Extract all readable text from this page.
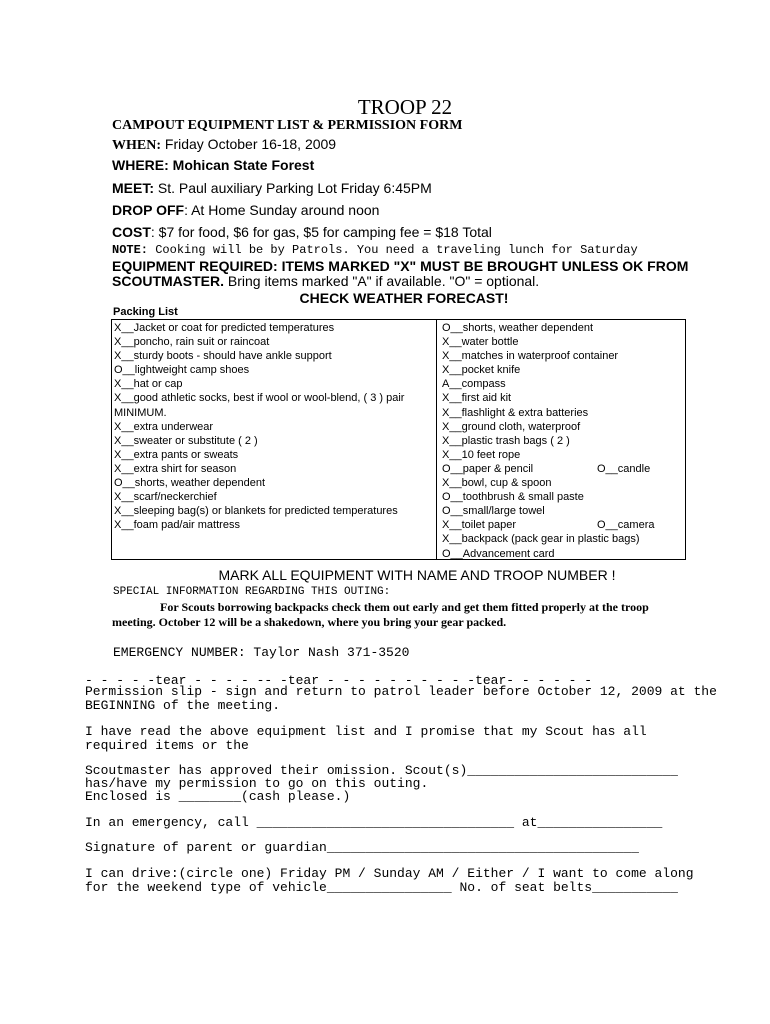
TROOP 22
CAMPOUT EQUIPMENT LIST & PERMISSION FORM
WHEN: Friday October 16-18, 2009
WHERE: Mohican State Forest
MEET: St. Paul auxiliary Parking Lot Friday 6:45PM
DROP OFF: At Home Sunday around noon
COST: $7 for food, $6 for gas, $5 for camping fee = $18 Total
NOTE: Cooking will be by Patrols. You need a traveling lunch for Saturday
EQUIPMENT REQUIRED: ITEMS MARKED "X" MUST BE BROUGHT UNLESS OK FROM
SCOUTMASTER. Bring items marked "A" if available. "O" = optional.
CHECK WEATHER FORECAST!
Packing List
X__Jacket or coat for predicted temperatures
X__poncho, rain suit or raincoat
X__sturdy boots - should have ankle support
O__lightweight camp shoes
X__hat or cap
X__good athletic socks, best if wool or wool-blend, ( 3 ) pair MINIMUM.
X__extra underwear
X__sweater or substitute ( 2 )
X__extra pants or sweats
X__extra shirt for season
O__shorts, weather dependent
X__scarf/neckerchief
X__sleeping bag(s) or blankets for predicted temperatures
X__foam pad/air mattress
O__shorts, weather dependent
X__water bottle
X__matches in waterproof container
X__pocket knife
A__compass
X__first aid kit
X__flashlight & extra batteries
X__ground cloth, waterproof
X__plastic trash bags ( 2 )
X__10 feet rope
O__paper & pencil	O__candle
X__bowl, cup & spoon
O__toothbrush & small paste
O__small/large towel
X__toilet paper	O__camera
X__backpack (pack gear in plastic bags)
O__Advancement card
MARK ALL EQUIPMENT WITH NAME AND TROOP NUMBER !
SPECIAL INFORMATION REGARDING THIS OUTING:
For Scouts borrowing backpacks check them out early and get them fitted properly at the troop meeting. October 12 will be a shakedown, where you bring your gear packed.
EMERGENCY NUMBER: Taylor Nash 371-3520
- - - - -tear - - - - -- -tear - - - - - - - - - -tear- - - - - -
Permission slip - sign and return to patrol leader before October 12, 2009 at the
BEGINNING of the meeting.
I have read the above equipment list and I promise that my Scout has all
required items or the
Scoutmaster has approved their omission. Scout(s)___________________________
has/have my permission to go on this outing.
Enclosed is ________(cash please.)
In an emergency, call _________________________________ at________________
Signature of parent or guardian________________________________________
I can drive:(circle one) Friday PM / Sunday AM / Either / I want to come along
for the weekend type of vehicle________________ No. of seat belts___________
